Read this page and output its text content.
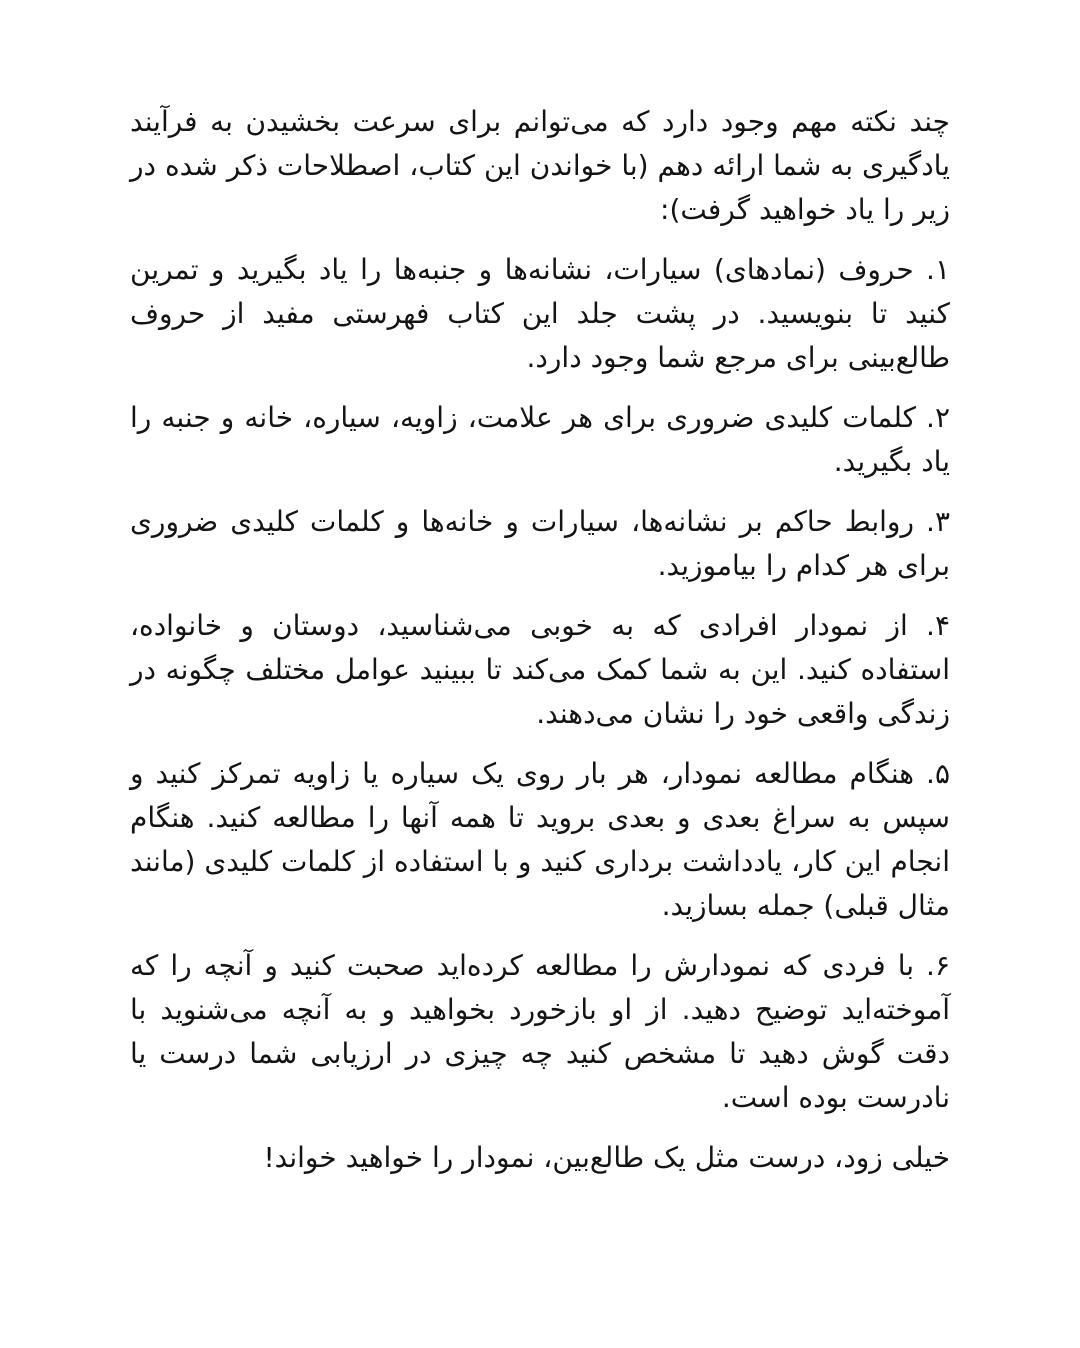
چند نکته مهم وجود دارد که می‌توانم برای سرعت بخشیدن به فرآیند یادگیری به شما ارائه دهم (با خواندن این کتاب، اصطلاحات ذکر شده در زیر را یاد خواهید گرفت):

۱. حروف (نمادهای) سیارات، نشانه‌ها و جنبه‌ها را یاد بگیرید و تمرین کنید تا بنویسید. در پشت جلد این کتاب فهرستی مفید از حروف طالع‌بینی برای مرجع شما وجود دارد.

۲. کلمات کلیدی ضروری برای هر علامت، زاویه، سیاره، خانه و جنبه را یاد بگیرید.

۳. روابط حاکم بر نشانه‌ها، سیارات و خانه‌ها و کلمات کلیدی ضروری برای هر کدام را بیاموزید.

۴. از نمودار افرادی که به خوبی می‌شناسید، دوستان و خانواده، استفاده کنید. این به شما کمک می‌کند تا ببینید عوامل مختلف چگونه در زندگی واقعی خود را نشان می‌دهند.

۵. هنگام مطالعه نمودار، هر بار روی یک سیاره یا زاویه تمرکز کنید و سپس به سراغ بعدی و بعدی بروید تا همه آنها را مطالعه کنید. هنگام انجام این کار، یادداشت برداری کنید و با استفاده از کلمات کلیدی (مانند مثال قبلی) جمله بسازید.

۶. با فردی که نمودارش را مطالعه کرده‌اید صحبت کنید و آنچه را که آموخته‌اید توضیح دهید. از او بازخورد بخواهید و به آنچه می‌شنوید با دقت گوش دهید تا مشخص کنید چه چیزی در ارزیابی شما درست یا نادرست بوده است.

خیلی زود، درست مثل یک طالع‌بین، نمودار را خواهید خواند!
